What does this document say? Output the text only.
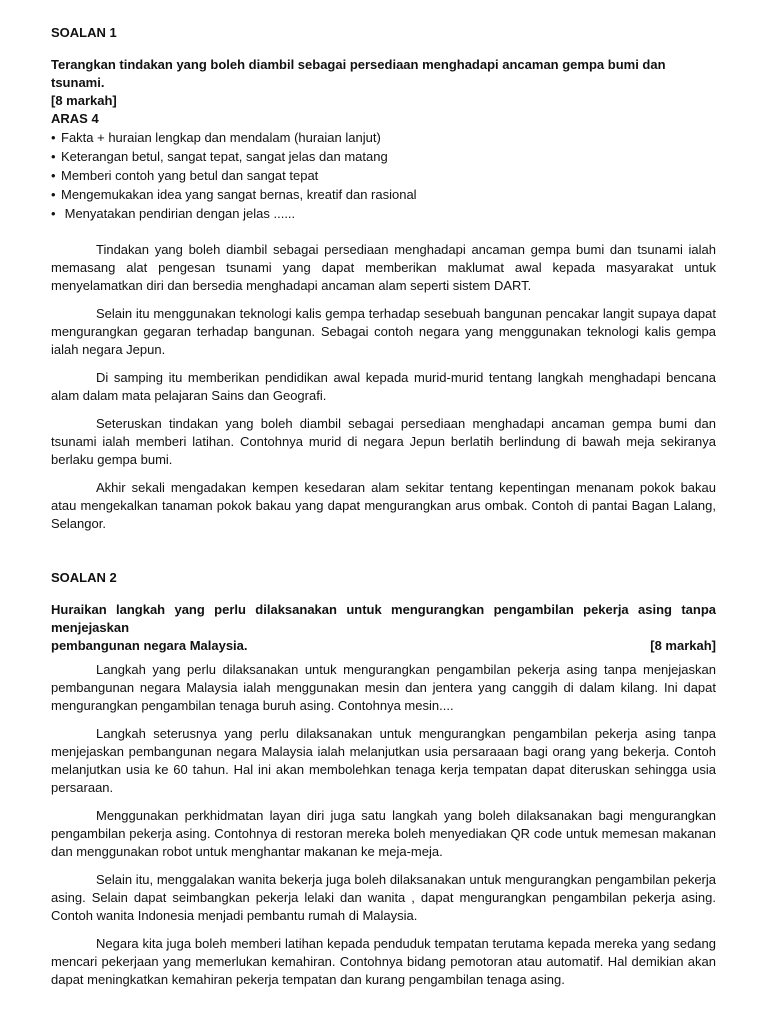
SOALAN 1

Terangkan tindakan yang boleh diambil sebagai persediaan menghadapi ancaman gempa bumi dan tsunami.

[8 markah]

ARAS 4

• Fakta + huraian lengkap dan mendalam (huraian lanjut)
• Keterangan betul, sangat tepat, sangat jelas dan matang
• Memberi contoh yang betul dan sangat tepat
• Mengemukakan idea yang sangat bernas, kreatif dan rasional
• Menyatakan pendirian dengan jelas ......

Tindakan yang boleh diambil sebagai persediaan menghadapi ancaman gempa bumi dan tsunami ialah memasang alat pengesan tsunami yang dapat memberikan maklumat awal kepada masyarakat untuk menyelamatkan diri dan bersedia menghadapi ancaman alam seperti sistem DART.

Selain itu menggunakan teknologi kalis gempa terhadap sesebuah bangunan pencakar langit supaya dapat mengurangkan gegaran terhadap bangunan. Sebagai contoh negara yang menggunakan teknologi kalis gempa ialah negara Jepun.

Di samping itu memberikan pendidikan awal kepada murid-murid tentang langkah menghadapi bencana alam dalam mata pelajaran Sains dan Geografi.

Seteruskan tindakan yang boleh diambil sebagai persediaan menghadapi ancaman gempa bumi dan tsunami ialah memberi latihan. Contohnya murid di negara Jepun berlatih berlindung di bawah meja sekiranya berlaku gempa bumi.

Akhir sekali mengadakan kempen kesedaran alam sekitar tentang kepentingan menanam pokok bakau atau mengekalkan tanaman pokok bakau yang dapat mengurangkan arus ombak. Contoh di pantai Bagan Lalang, Selangor.

SOALAN 2

Huraikan langkah yang perlu dilaksanakan untuk mengurangkan pengambilan pekerja asing tanpa menjejaskan
pembangunan negara Malaysia.	[8 markah]

Langkah yang perlu dilaksanakan untuk mengurangkan pengambilan pekerja asing tanpa menjejaskan pembangunan negara Malaysia ialah menggunakan mesin dan jentera yang canggih di dalam kilang. Ini dapat mengurangkan pengambilan tenaga buruh asing. Contohnya mesin....

Langkah seterusnya yang perlu dilaksanakan untuk mengurangkan pengambilan pekerja asing tanpa menjejaskan pembangunan negara Malaysia ialah melanjutkan usia persaraaan bagi orang yang bekerja. Contoh melanjutkan usia ke 60 tahun. Hal ini akan membolehkan tenaga kerja tempatan dapat diteruskan sehingga usia persaraan.

Menggunakan perkhidmatan layan diri juga satu langkah yang boleh dilaksanakan bagi mengurangkan pengambilan pekerja asing. Contohnya di restoran mereka boleh menyediakan QR code untuk memesan makanan dan menggunakan robot untuk menghantar makanan ke meja-meja.

Selain itu, menggalakan wanita bekerja juga boleh dilaksanakan untuk mengurangkan pengambilan pekerja asing. Selain dapat seimbangkan pekerja lelaki dan wanita , dapat mengurangkan pengambilan pekerja asing. Contoh wanita Indonesia menjadi pembantu rumah di Malaysia.

Negara kita juga boleh memberi latihan kepada penduduk tempatan terutama kepada mereka yang sedang mencari pekerjaan yang memerlukan kemahiran. Contohnya bidang pemotoran atau automatif. Hal demikian akan dapat meningkatkan kemahiran pekerja tempatan dan kurang pengambilan tenaga asing.
